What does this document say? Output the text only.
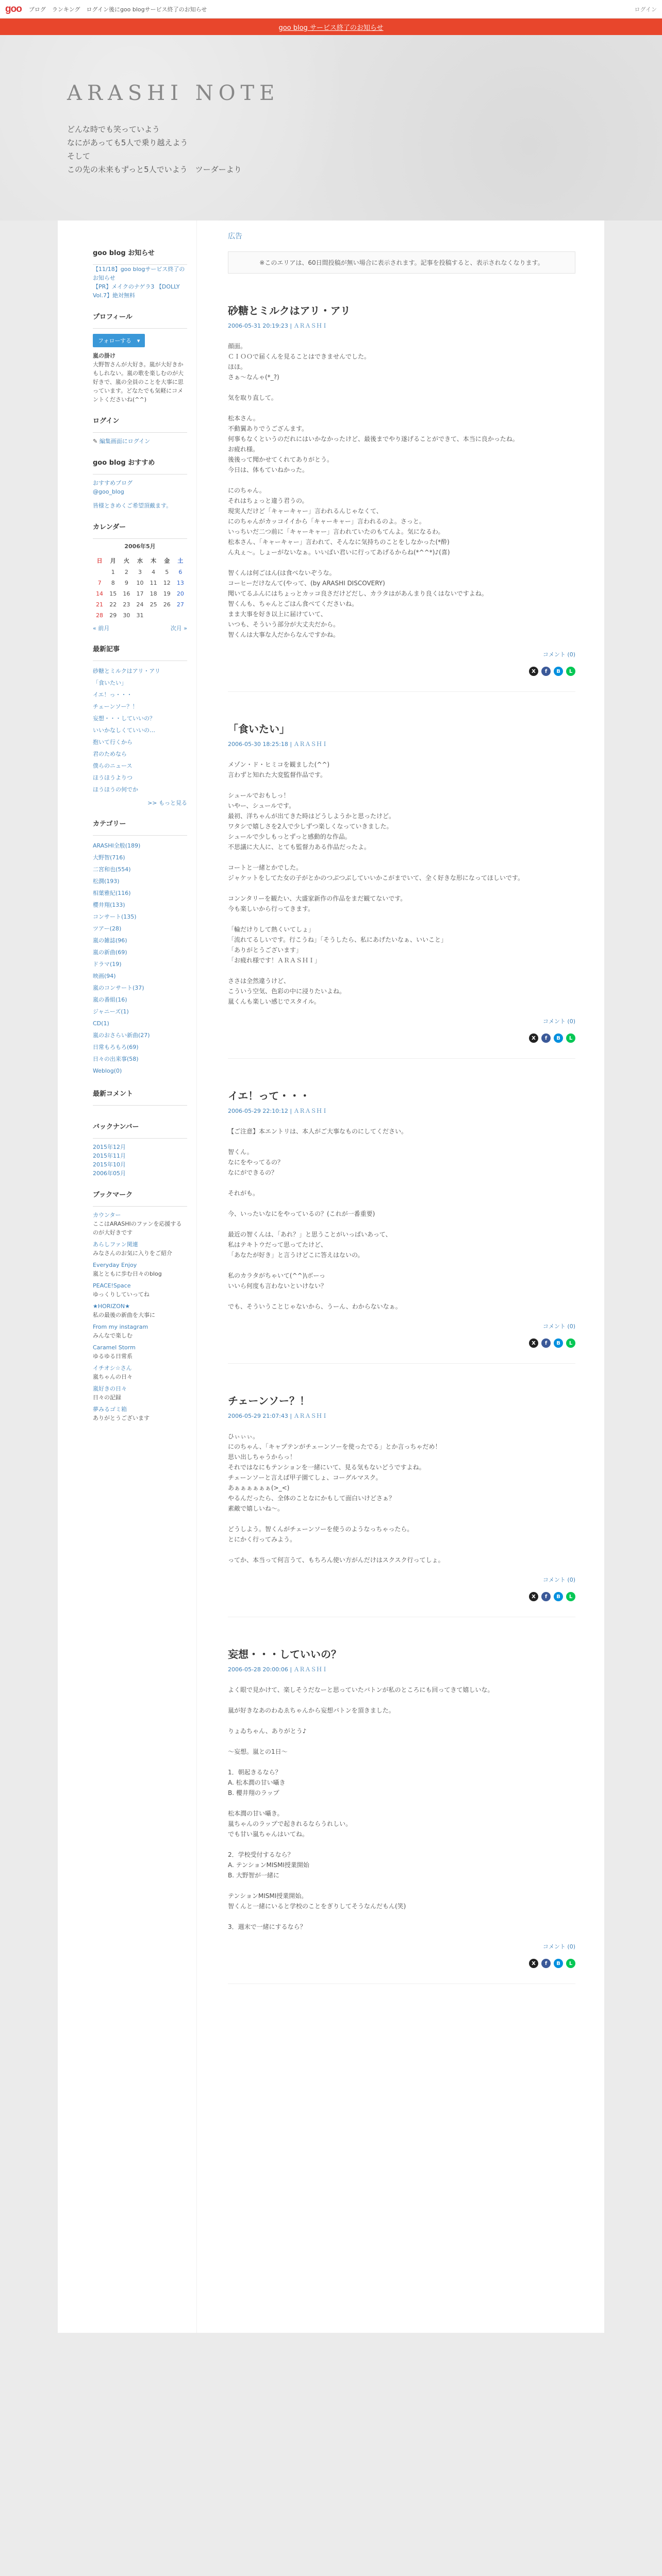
goo ブログ ランキング ログイン後にgoo blogサービス終了のお知らせ	ログイン
goo blog サービス終了のお知らせ
ARASHI NOTE
どんな時でも笑っていよう
なにがあっても5人で乗り越えよう
そして
この先の未来もずっと5人でいよう　ツーダーより
goo blog お知らせ
【11/18】goo blogサービス終了のお知らせ
【PR】メイクのナゲラ3 【DOLLY Vol.7】絶対無料
プロフィール
フォローする　▾

嵐の掛け

大野智さんが大好き。嵐が大好きかもしれない。嵐の歌を楽しむのが大好きで、嵐の全員のことを大事に思っています。どなたでも気軽にコメントくださいね(^^)

ログイン

✎ 編集画面にログイン

goo blog おすすめ
おすすめブログ
@goo_blog

皆様ときめくご希望頂戴ます。

カレンダー
2006年5月
日	月	火	水	木	金	土
	1	2	3	4	5	6
7	8	9	10	11	12	13
14	15	16	17	18	19	20
21	22	23	24	25	26	27
28	29	30	31			
« 前月	次月 »
最新記事
砂糖とミルクはアリ・アリ
「食いたい」
イエ！っ・・・
チェーンソー？！
妄想・・・していいの？
いいかなしくていいの…
抱いて行くから
君のためなら
僕らのニュース
ほうほうよりつ
ほうほうの何でか
>> もっと見る
カテゴリー
ARASHI全般(189)
大野智(716)
二宮和也(554)
松潤(193)
相葉雅紀(116)
櫻井翔(133)
コンサート(135)
ツアー(28)
嵐の雑誌(96)
嵐の新曲(69)
ドラマ(19)
映画(94)
嵐のコンサート(37)
嵐の番組(16)
ジャニーズ(1)
CD(1)
嵐のおさらい新曲(27)
日常もろもろ(69)
日々の出来事(58)
Weblog(0)
最新コメント
バックナンバー
2015年12月
2015年11月
2015年10月
2006年05月
ブックマーク
カウンター
ここはARASHIのファンを応援するのが大好きです
あらしファン関連
みなさんのお気に入りをご紹介
Everyday Enjoy
嵐とともに歩む日々のblog
PEACE!Space
ゆっくりしていってね
★HORIZON★
私の最後の新曲を大事に
From my instagram
みんなで楽しむ
Caramel Storm
ゆるゆる日常系
イチオシ☆さん
嵐ちゃんの日々
嵐好きの日々
日々の記録
夢みるゴミ箱
ありがとうございます
広告
※このエリアは、60日間投稿が無い場合に表示されます。記事を投稿すると、表示されなくなります。
砂糖とミルクはアリ・アリ
2006-05-31 20:19:23 | ＡＲＡＳＨＩ

顔面。

ＣＩＯＯで届くんを見ることはできませんでした。

ほほ。

さぁ〜なんゃ(*_?)

気を取り直して。

松本さん。

不動翼ありでうござんます。

何事もなくというのだれにはいかなかったけど、最後までやり遂げることができて、本当に良かったね。

お疲れ様。

後後って聞かせてくれてありがとう。

今日は、体もていねかった。

にのちゃん。

それはちょっと違う君うの。

現実人だけど「キャーキャー」言われるんじゃなくて、

にのちゃんがカッコイイから「キャーキャー」言われるのよ。さっと。

いっちいだ二つ前に「キャーキャー」言われていたのもてんよ。気になるわ。

松本さん、「キャーキャー」言われて、そんなに気持ちのことをしなかった(*酔)

ん丸ぇ〜。しょーがないなぁ。いいばい君いに行ってあげるからね(*^^*)♪(喜)

智くんは何ごはん(は食べないぞうな。

コーヒーだけなんて(やって、(by ARASHI DISCOVERY)

聞いてるふんにはちょっとカッコ良さだけどだし、カラタはがあんまり良くはないですよね。

智くんも、ちゃんとごはん食べてくださいね。

まま大事を好き以上に届けていて、

いつも、そういう部分が大丈夫だから。

智くんは大事な人だからなんですかね。

コメント (0)
X	f	B	L
「食いたい」
2006-05-30 18:25:18 | ＡＲＡＳＨＩ

メゾン・ド・ヒミコを観ました(^^)

言わずと知れた大変監督作品です。

シュールでおもしっ！

いやー、シュールです。

最初、洋ちゃんが出てきた時はどうしようかと思ったけど。

ワタシで嬉しさを2人で少しずつ楽しくなっていきました。

シュールで少しもっとずっと感動的な作品。

不思議に大人に、とても監督力ある作品だったよ。

コートと一緒とかでした。

ジャケットをしてた女の子がとかのつぶつぶしていいかこがまでいて、全く好きな形になってほしいです。

コンンタリーを観たい、大盛家新作の作品をまだ観てないです。

今も楽しいから行ってきます。

「輪だけりして熱くいてしょ」

「流れてるしいです。行こうね」「そうしたら、私にあげたいなぁ、いいこと」

「ありがとうございます」

「お疲れ様です！ＡＲＡＳＨＩ」

ささは全然違うけど、

こういう空気、色彩の中に浸りたいよね。

嵐くんも楽しい感じでスタイル。

コメント (0)
X	f	B	L
イエ！って・・・
2006-05-29 22:10:12 | ＡＲＡＳＨＩ

【ご注意】本エントリは、本人がご大事なものにしてください。

智くん。

なにをやってるの？

なにができるの？

それがも。

今、いったいなにをやっているの？(これが一番重要)

最近の智くんは、「あれ？」と思うことがいっぱいあって、

私はテキトウだって思ってたけど、

「あなたが好き」と言うけどこに答えはないの。

私のカラタがちゃいて(^^)\ボーっ

いいら何度も言わないといけない？

でも、そういうことじゃないから、うーん、わからないなぁ。

コメント (0)
X	f	B	L
チェーンソー？！
2006-05-29 21:07:43 | ＡＲＡＳＨＩ

ひぃぃぃ。

にのちゃん、「キャプテンがチェーンソーを使ったでる」とか言っちゃだめ！

思い出しちゃうからっ！

それではなにもテンションを一緒にいて、見る気もないどうですよね。

チェーンソーと言えば甲子園てしょ、コーグルマスク。

あぁぁぁぁぁぁ(>_<)

やるんだったら、全体のことなにかもして面白いけどさぁ？

素敵で嬉しいね〜。

どうしよう。智くんがチェーンソーを使うのようなっちゃったら。

とにかく行ってみよう。

ってか、本当って何言うて、もちろん使い方がんだけはスクスク行ってしょ。

コメント (0)
X	f	B	L
妄想・・・していいの？
2006-05-28 20:00:06 | ＡＲＡＳＨＩ

よく眼で見かけて、楽しそうだなーと思っていたバトンが私のところにも回ってきて嬉しいな。

嵐が好きなあのわゐゑちゃんから妄想バトンを頂きました。

りょゐちゃん、ありがとう♪

～妄想。嵐との1日～

1．朝起きるなら？

A. 松本潤の甘い囁き

B. 櫻井翔のラップ

松本潤の甘い囁き。

嵐ちゃんのラップで起きれるならうれしい。

でも甘い嵐ちゃんはいてね。

2．学校受付するなら？

A. テンションMISMI授業開始

B. 大野智が一緒に

テンションMISMI授業開始。

智くんと一緒にいると学校のことをぎりしてそうなんだもん(笑)

3．週末で一緒にするなら？

コメント (0)
X	f	B	L
